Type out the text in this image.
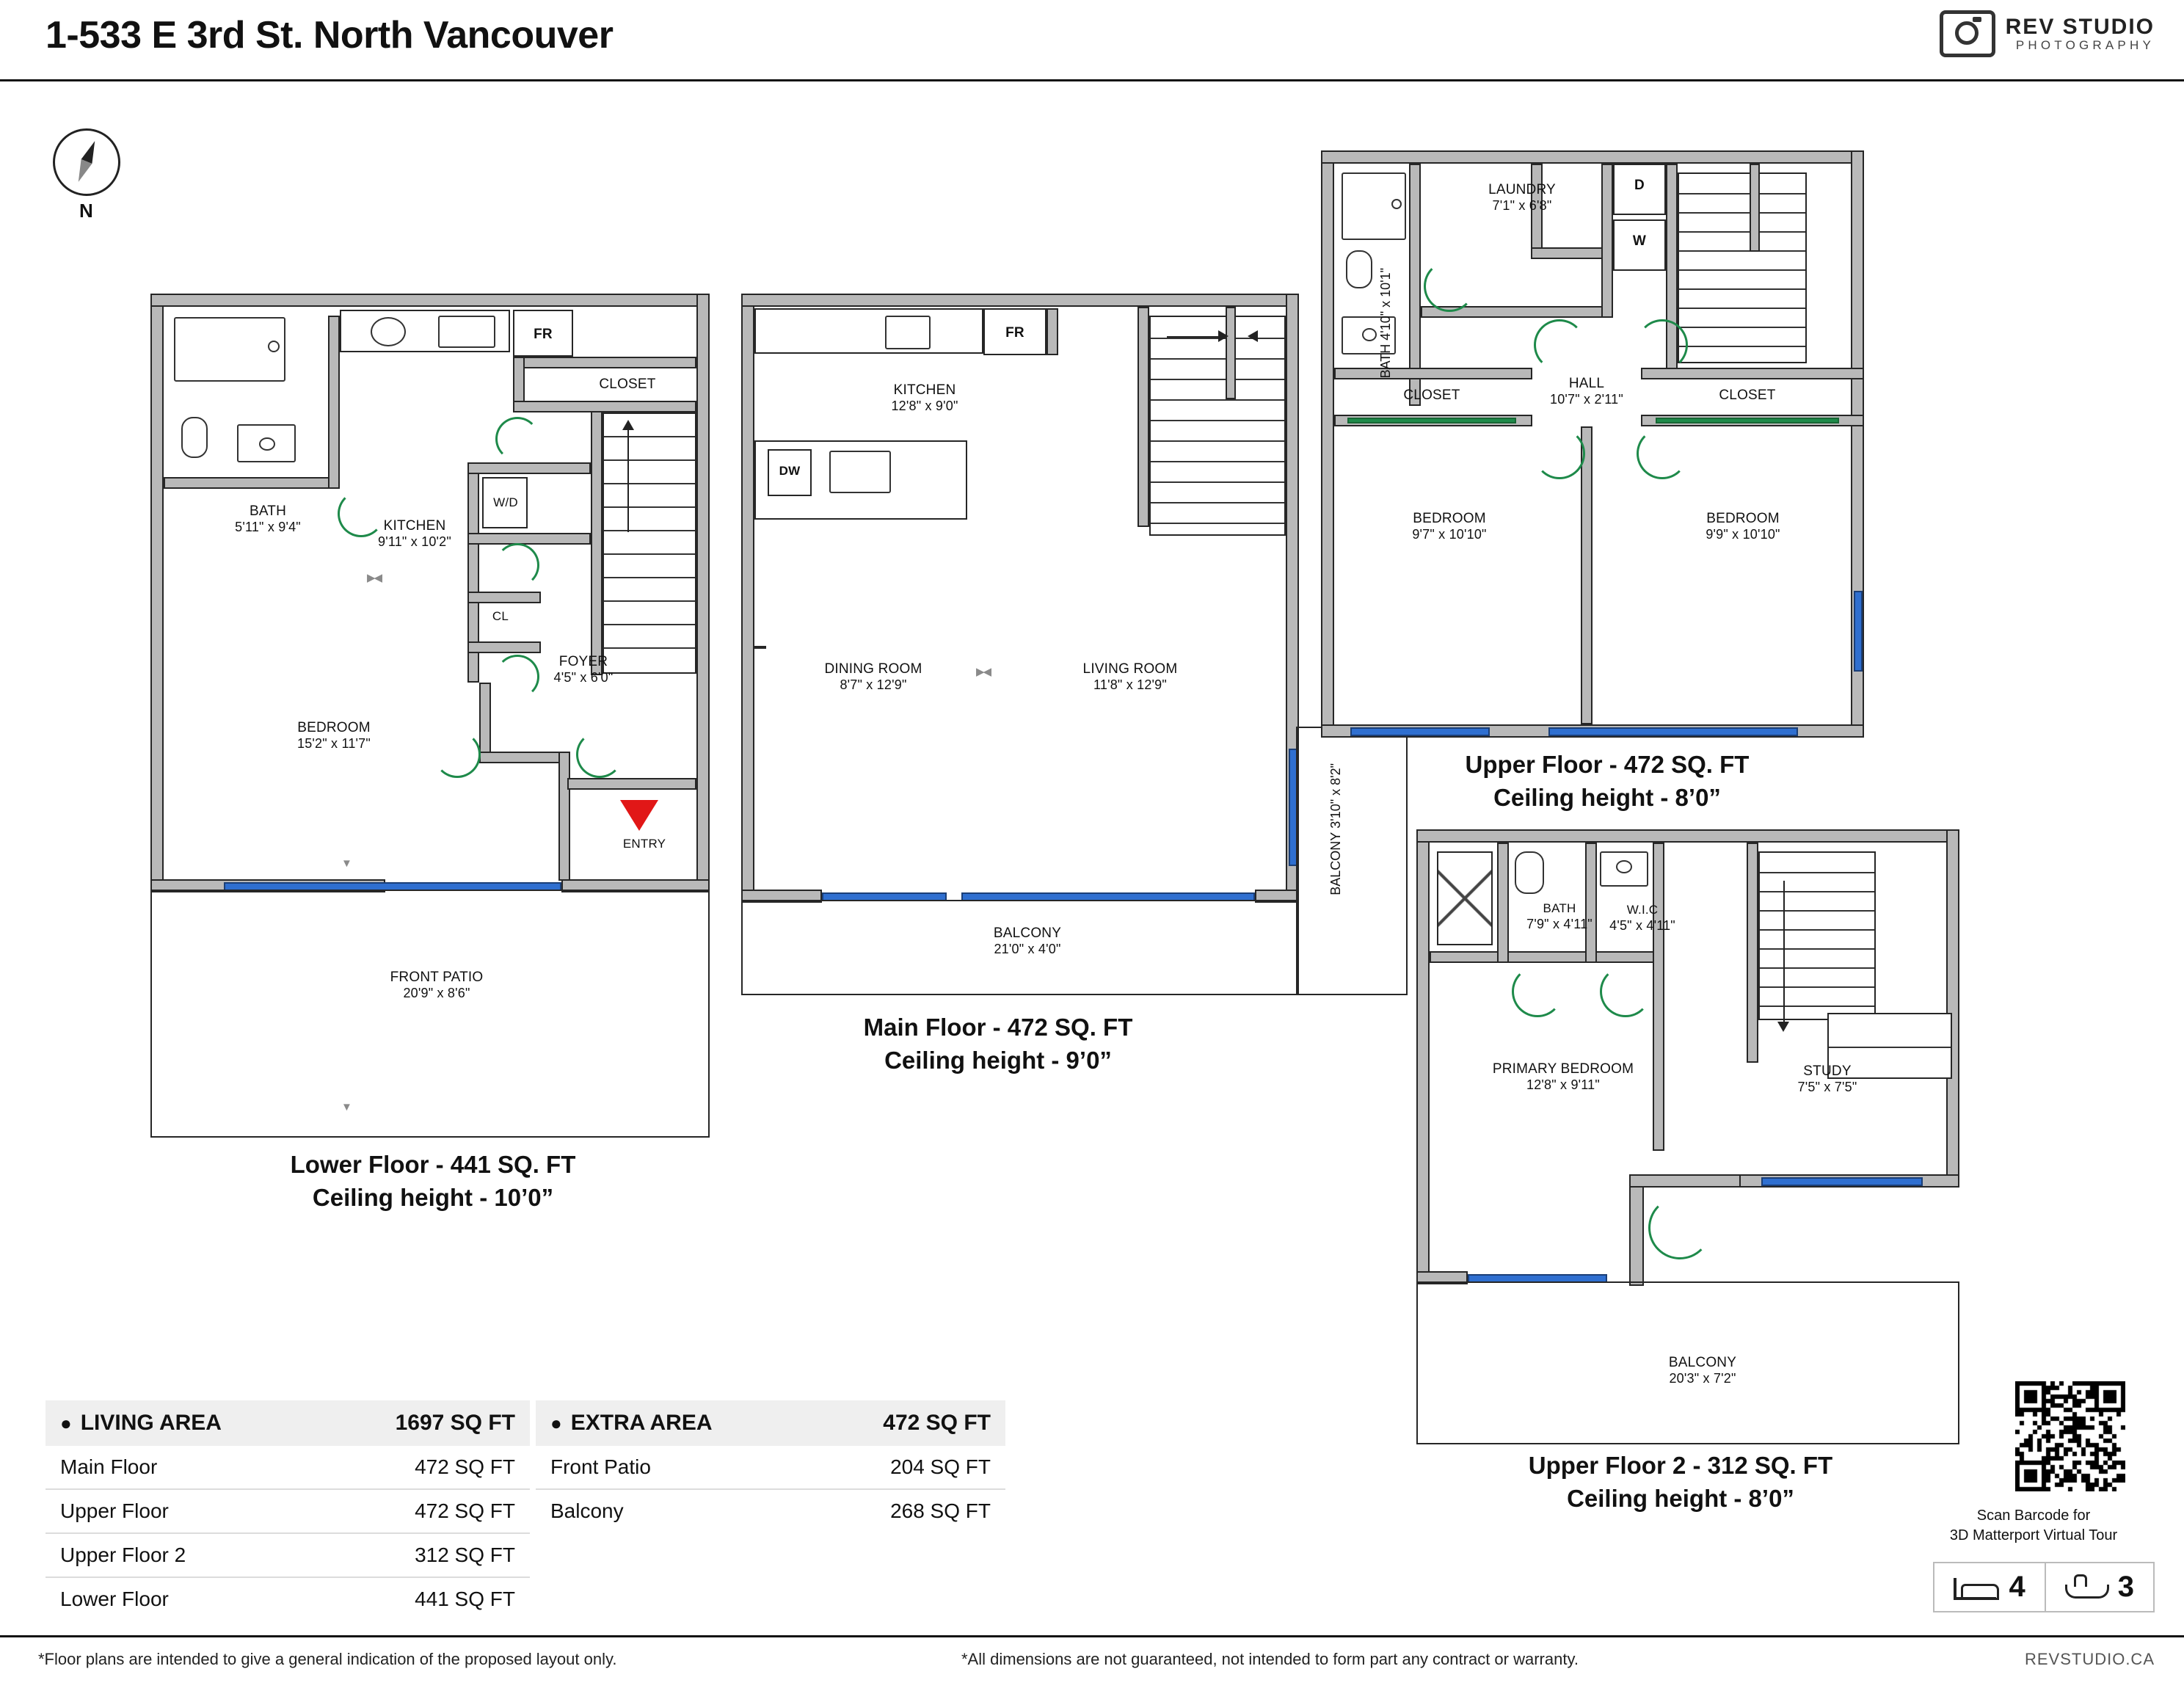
1-533 E 3rd St. North Vancouver	REV STUDIO
PHOTOGRAPHY
N
BATH
5'11" x 9'4"	KITCHEN
9'11" x 10'2"
CLOSET
FR
W/D
CL
FOYER
4'5" x 6'0"
BEDROOM
15'2" x 11'7"
FRONT PATIO
20'9" x 8'6"
ENTRY
▶◀
▼
▼
Lower Floor - 441 SQ. FT
Ceiling height - 10’0”
KITCHEN
12'8" x 9'0"
FR
DW
DINING ROOM
8'7" x 12'9"
LIVING ROOM
11'8" x 12'9"
BALCONY
21'0" x 4'0"
BALCONY 3'10" x 8'2"
▶◀
Main Floor - 472 SQ. FT
Ceiling height - 9’0”
BATH 4'10" x 10'1"
LAUNDRY
7'1" x 6'8"
D
W
HALL
10'7" x 2'11"
CLOSET	CLOSET
BEDROOM
9'7" x 10'10"
BEDROOM
9'9" x 10'10"
Upper Floor - 472 SQ. FT
Ceiling height - 8’0”
BATH
7'9" x 4'11"
W.I.C
4'5" x 4'11"
PRIMARY BEDROOM
12'8" x 9'11"
STUDY
7'5" x 7'5"
BALCONY
20'3" x 7'2"
Upper Floor 2 - 312 SQ. FT
Ceiling height - 8’0”
● LIVING AREA	1697 SQ FT
Main Floor	472 SQ FT
Upper Floor	472 SQ FT
Upper Floor 2	312 SQ FT
Lower Floor	441 SQ FT
● EXTRA AREA	472 SQ FT
Front Patio	204 SQ FT
Balcony	268 SQ FT	Scan Barcode for
3D Matterport Virtual Tour
4	3
*Floor plans are intended to give a general indication of the proposed layout only.	*All dimensions are not guaranteed, not intended to form part any contract or warranty.	REVSTUDIO.CA
